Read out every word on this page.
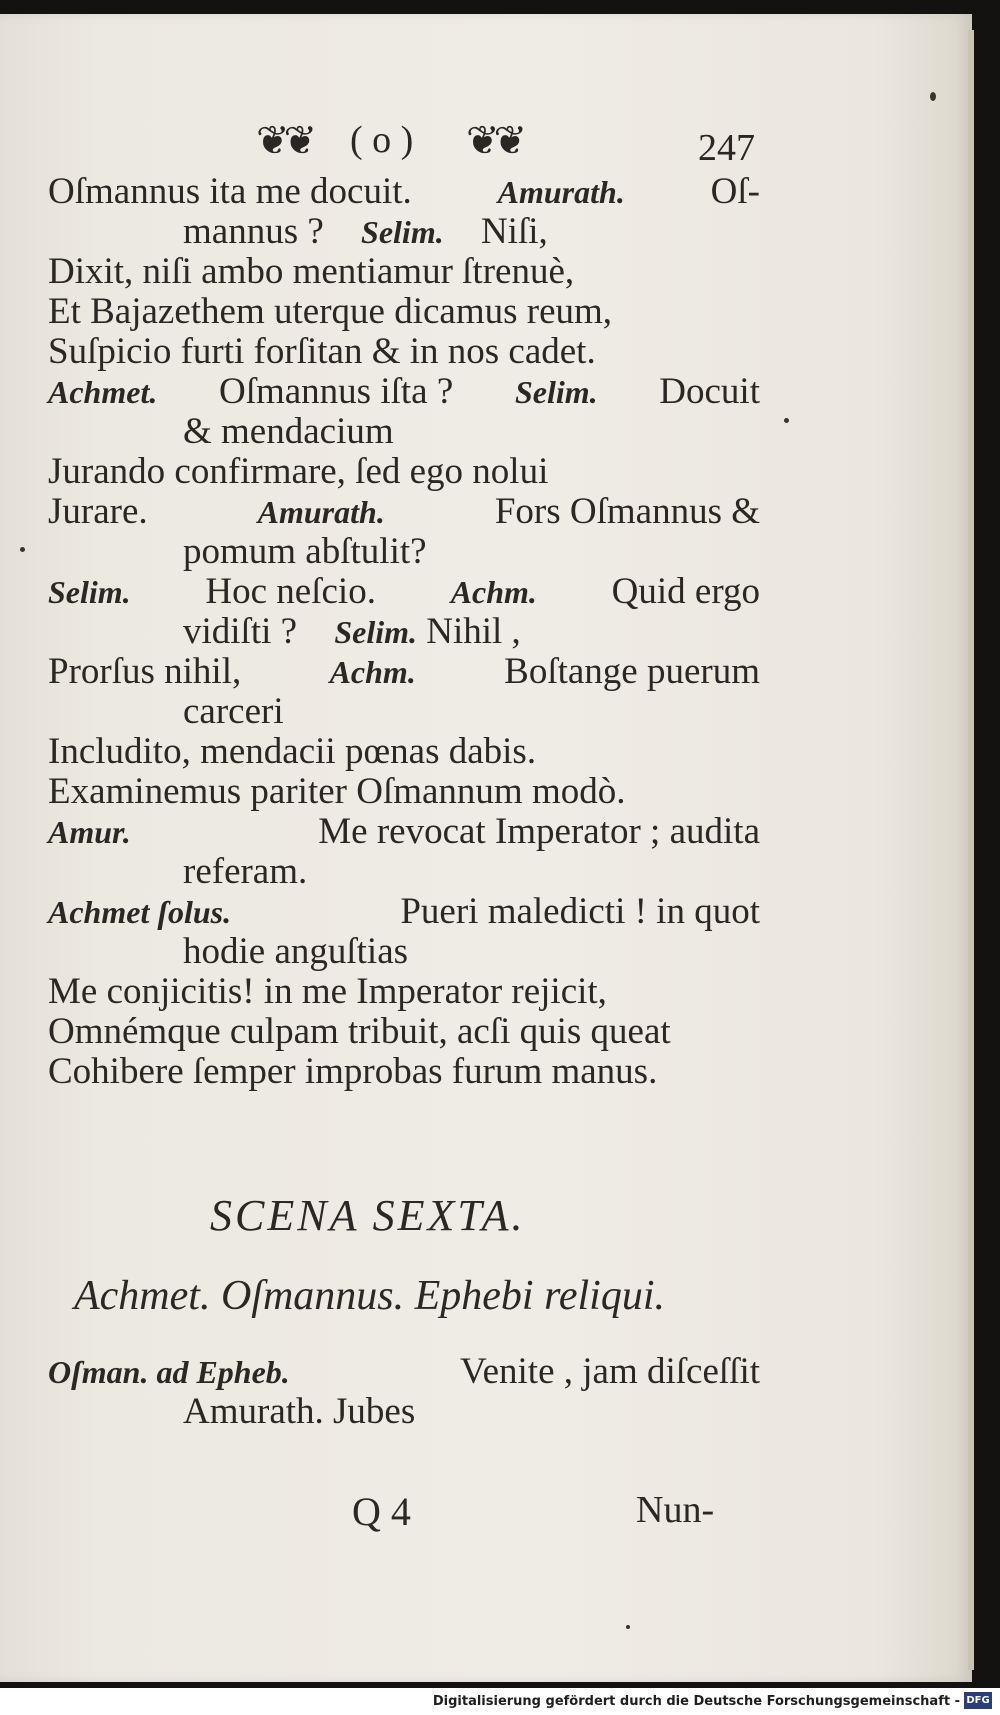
❦❦ ( o ) ❦❦	247
Oſmannus ita me docuit.	Amurath. Oſ-
mannus ? Selim. Niſi,
Dixit, niſi ambo mentiamur ſtrenuè,
Et Bajazethem uterque dicamus reum,
Suſpicio furti forſitan & in nos cadet.
Achmet. Oſmannus iſta ? Selim. Docuit
& mendacium
Jurando confirmare, ſed ego nolui
Jurare.	Amurath.	Fors Oſmannus &
pomum abſtulit?
Selim. Hoc neſcio. Achm. Quid ergo
vidiſti ? Selim. Nihil ,
Prorſus nihil,	Achm. Boſtange puerum
carceri
Includito, mendacii pœnas dabis.
Examinemus pariter Oſmannum modò.
Amur.	Me revocat Imperator ; audita
referam.
Achmet ſolus.	Pueri maledicti ! in quot
hodie anguſtias
Me conjicitis! in me Imperator rejicit,
Omnémque culpam tribuit, acſi quis queat
Cohibere ſemper improbas furum manus.
SCENA SEXTA.
Achmet. Oſmannus. Ephebi reliqui.
Oſman. ad Epheb.	Venite , jam diſceſſit
Amurath. Jubes
Q 4	Nun-
Digitalisierung gefördert durch die Deutsche Forschungsgemeinschaft - DFG
